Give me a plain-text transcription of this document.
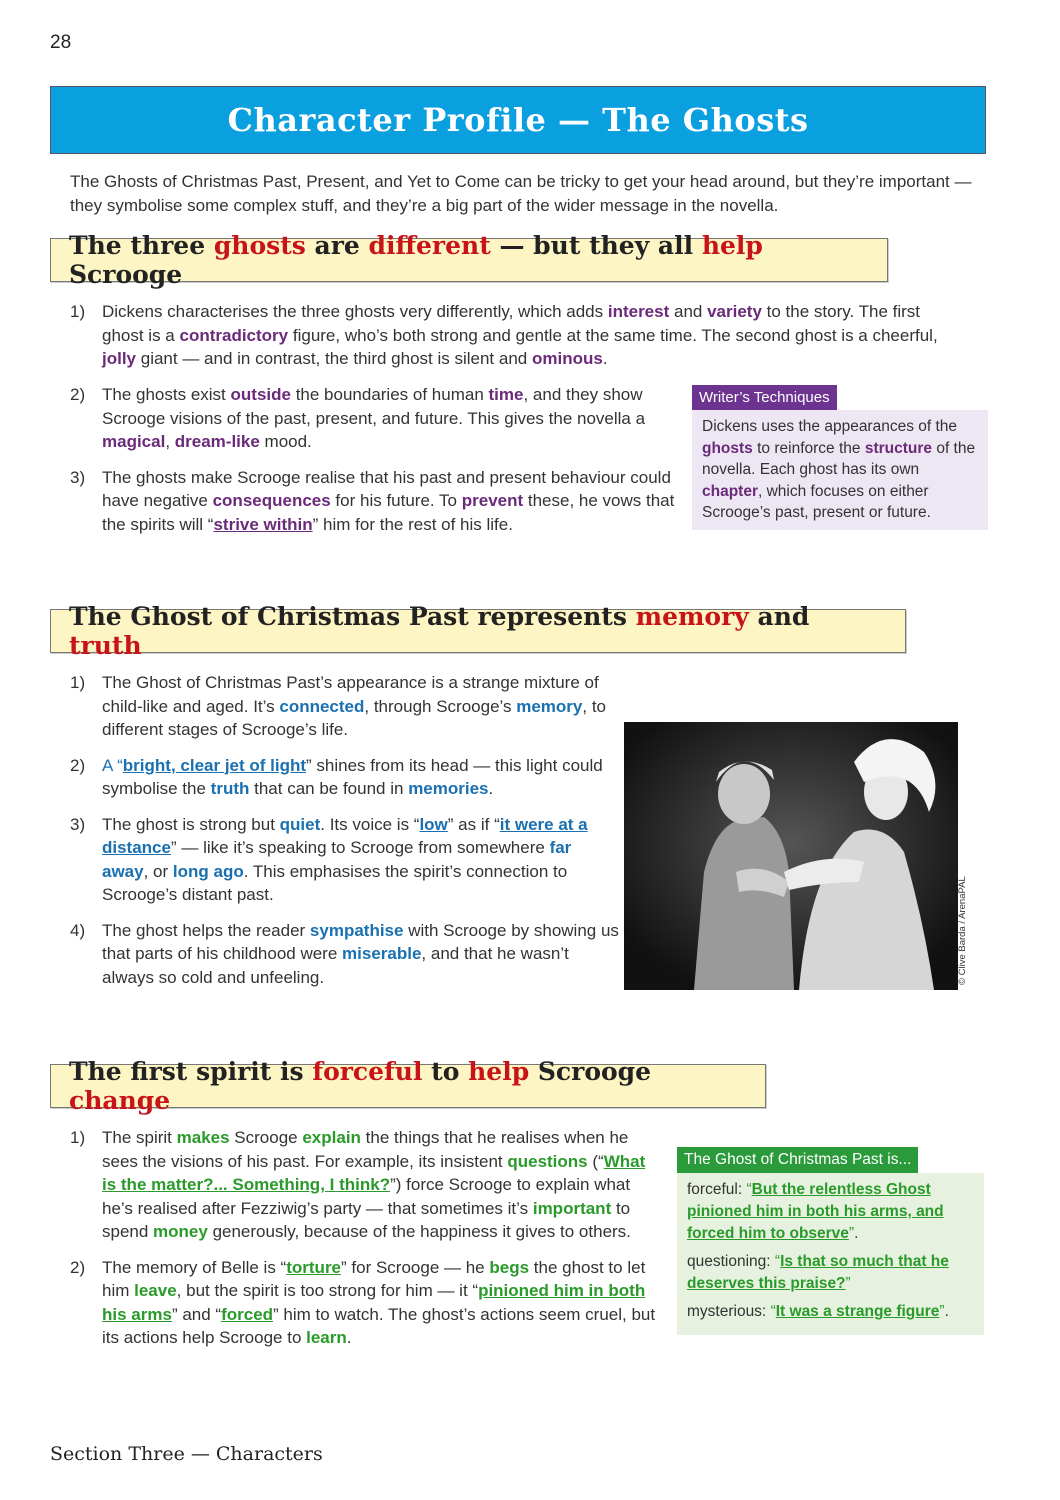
28
Character Profile — The Ghosts

The Ghosts of Christmas Past, Present, and Yet to Come can be tricky to get your head around, but they’re important — they symbolise some complex stuff, and they’re a big part of the wider message in the novella.

The three ghosts are different — but they all help Scrooge
1) Dickens characterises the three ghosts very differently, which adds interest and variety to the story. The first ghost is a contradictory figure, who’s both strong and gentle at the same time. The second ghost is a cheerful, jolly giant — and in contrast, the third ghost is silent and ominous.
2) The ghosts exist outside the boundaries of human time, and they show Scrooge visions of the past, present, and future. This gives the novella a magical, dream-like mood.
3) The ghosts make Scrooge realise that his past and present behaviour could have negative consequences for his future. To prevent these, he vows that the spirits will “strive within” him for the rest of his life.
Writer’s Techniques
Dickens uses the appearances of the ghosts to reinforce the structure of the novella. Each ghost has its own chapter, which focuses on either Scrooge’s past, present or future.
The Ghost of Christmas Past represents memory and truth
1) The Ghost of Christmas Past’s appearance is a strange mixture of child-like and aged. It’s connected, through Scrooge’s memory, to different stages of Scrooge’s life.
2) A “bright, clear jet of light” shines from its head — this light could symbolise the truth that can be found in memories.
3) The ghost is strong but quiet. Its voice is “low” as if “it were at a distance” — like it’s speaking to Scrooge from somewhere far away, or long ago. This emphasises the spirit’s connection to Scrooge’s distant past.
4) The ghost helps the reader sympathise with Scrooge by showing us that parts of his childhood were miserable, and that he wasn’t always so cold and unfeeling.	© Clive Barda / ArenaPAL
The first spirit is forceful to help Scrooge change
1) The spirit makes Scrooge explain the things that he realises when he sees the visions of his past. For example, its insistent questions (“What is the matter?... Something, I think?”) force Scrooge to explain what he’s realised after Fezziwig’s party — that sometimes it’s important to spend money generously, because of the happiness it gives to others.
2) The memory of Belle is “torture” for Scrooge — he begs the ghost to let him leave, but the spirit is too strong for him — it “pinioned him in both his arms” and “forced” him to watch. The ghost’s actions seem cruel, but its actions help Scrooge to learn.
The Ghost of Christmas Past is...

forceful: “But the relentless Ghost pinioned him in both his arms, and forced him to observe”.

questioning: “Is that so much that he deserves this praise?”

mysterious: “It was a strange figure”.

Section Three — Characters
